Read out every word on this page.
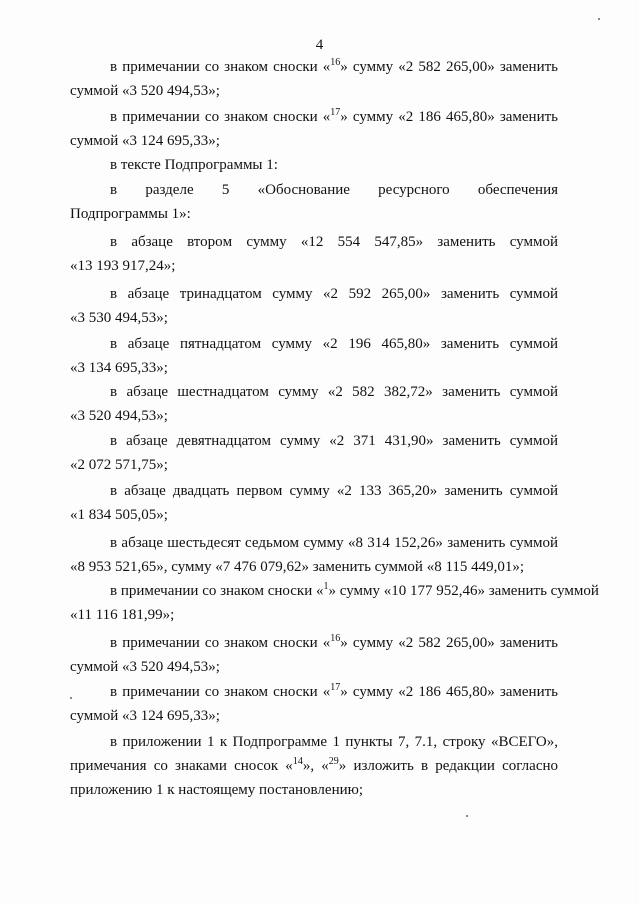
4
в примечании со знаком сноски «$^{16}$» сумму «2 582 265,00» заменить
суммой «3 520 494,53»;
в примечании со знаком сноски «$^{17}$» сумму «2 186 465,80» заменить
суммой «3 124 695,33»;
в тексте Подпрограммы 1:
в разделе 5 «Обоснование ресурсного обеспечения
Подпрограммы 1»:
в абзаце вторoм сумму «12 554 547,85» заменить суммой
«13 193 917,24»;
в абзаце тринадцатом сумму «2 592 265,00» заменить суммой
«3 530 494,53»;
в абзаце пятнадцатом сумму «2 196 465,80» заменить суммой
«3 134 695,33»;
в абзаце шестнадцатом сумму «2 582 382,72» заменить суммой
«3 520 494,53»;
в абзаце девятнадцатом сумму «2 371 431,90» заменить суммой
«2 072 571,75»;
в абзаце двадцать первом сумму «2 133 365,20» заменить суммой
«1 834 505,05»;
в абзаце шестьдесят седьмом сумму «8 314 152,26» заменить суммой
«8 953 521,65», сумму «7 476 079,62» заменить суммой «8 115 449,01»;
в примечании со знаком сноски «$^1$» сумму «10 177 952,46» заменить суммой
«11 116 181,99»;
в примечании со знаком сноски «$^{16}$» сумму «2 582 265,00» заменить
суммой «3 520 494,53»;
в примечании со знаком сноски «$^{17}$» сумму «2 186 465,80» заменить
суммой «3 124 695,33»;
в приложении 1 к Подпрограмме 1 пункты 7, 7.1, строку «ВСЕГО»,
примечания со знаками сносок «$^{14}$», «$^{29}$» изложить в редакции согласно
приложению 1 к настоящему постановлению;
